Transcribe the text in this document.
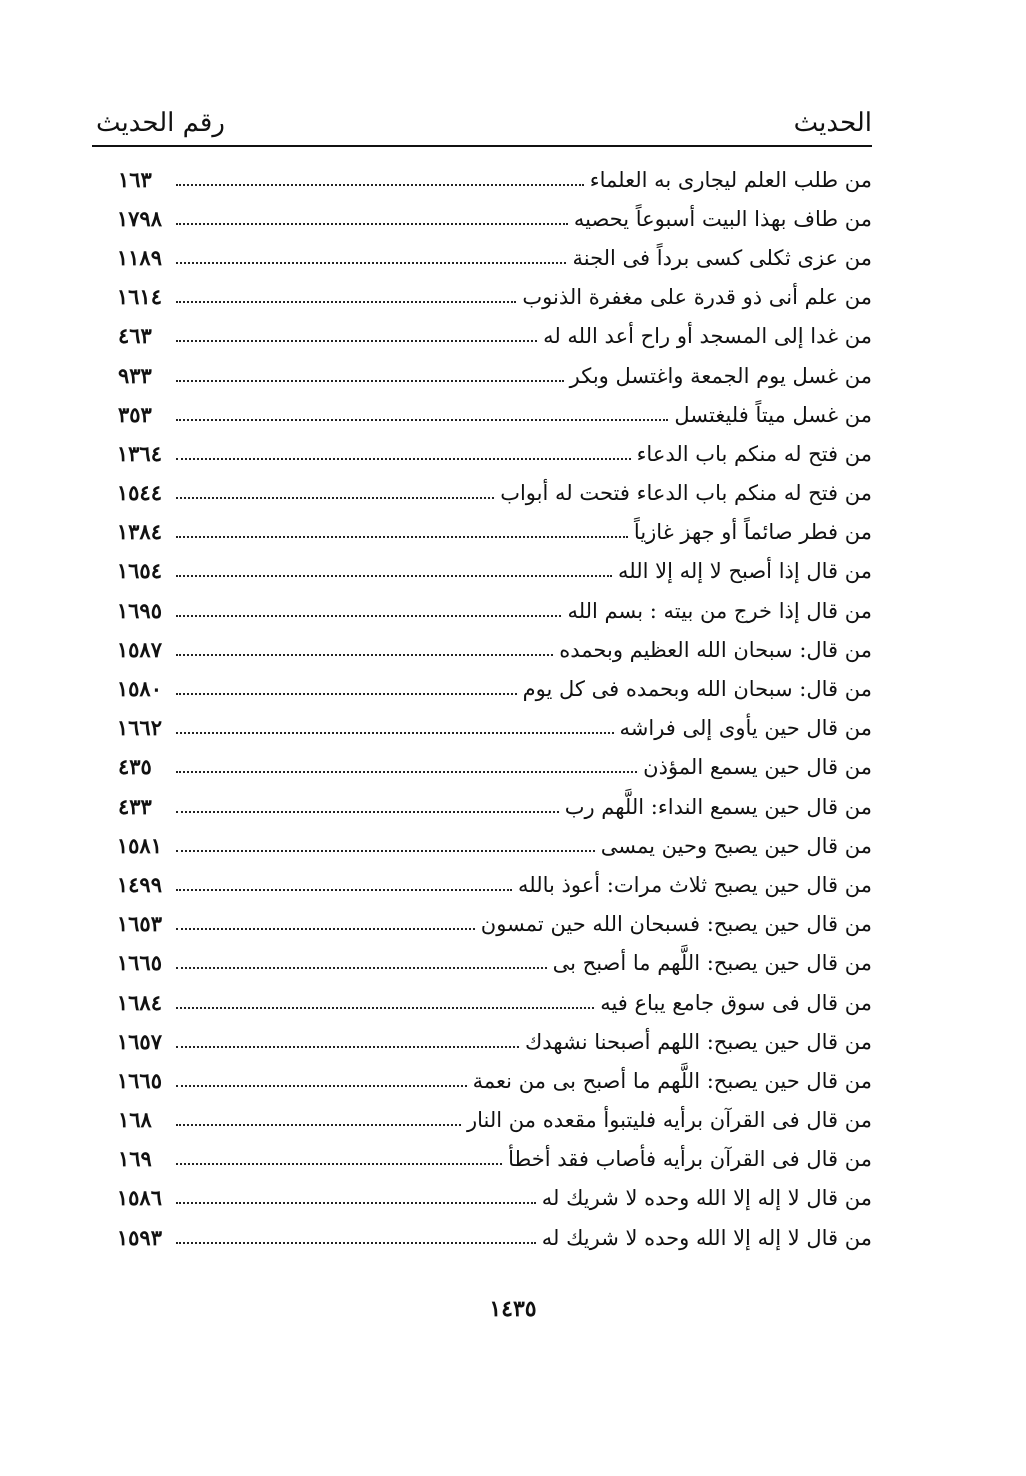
الحديث
رقم الحديث
من طلب العلم ليجارى به العلماء
١٦٣
من طاف بهذا البيت أسبوعاً يحصيه
١٧٩٨
من عزى ثكلى كسى برداً فى الجنة
١١٨٩
من علم أنى ذو قدرة على مغفرة الذنوب
١٦١٤
من غدا إلى المسجد أو راح أعد الله له
٤٦٣
من غسل يوم الجمعة واغتسل وبكر
٩٣٣
من غسل ميتاً فليغتسل
٣٥٣
من فتح له منكم باب الدعاء
١٣٦٤
من فتح له منكم باب الدعاء فتحت له أبواب
١٥٤٤
من فطر صائماً أو جهز غازياً
١٣٨٤
من قال إذا أصبح لا إله إلا الله
١٦٥٤
من قال إذا خرج من بيته : بسم الله
١٦٩٥
من قال: سبحان الله العظيم وبحمده
١٥٨٧
من قال: سبحان الله وبحمده فى كل يوم
١٥٨٠
من قال حين يأوى إلى فراشه
١٦٦٢
من قال حين يسمع المؤذن
٤٣٥
من قال حين يسمع النداء: اللَّهم رب
٤٣٣
من قال حين يصبح وحين يمسى
١٥٨١
من قال حين يصبح ثلاث مرات: أعوذ بالله
١٤٩٩
من قال حين يصبح: فسبحان الله حين تمسون
١٦٥٣
من قال حين يصبح: اللَّهم ما أصبح بى
١٦٦٥
من قال فى سوق جامع يباع فيه
١٦٨٤
من قال حين يصبح: اللهم أصبحنا نشهدك
١٦٥٧
من قال حين يصبح: اللَّهم ما أصبح بى من نعمة
١٦٦٥
من قال فى القرآن برأيه فليتبوأ مقعده من النار
١٦٨
من قال فى القرآن برأيه فأصاب فقد أخطأ
١٦٩
من قال لا إله إلا الله وحده لا شريك له
١٥٨٦
من قال لا إله إلا الله وحده لا شريك له
١٥٩٣
١٤٣٥
